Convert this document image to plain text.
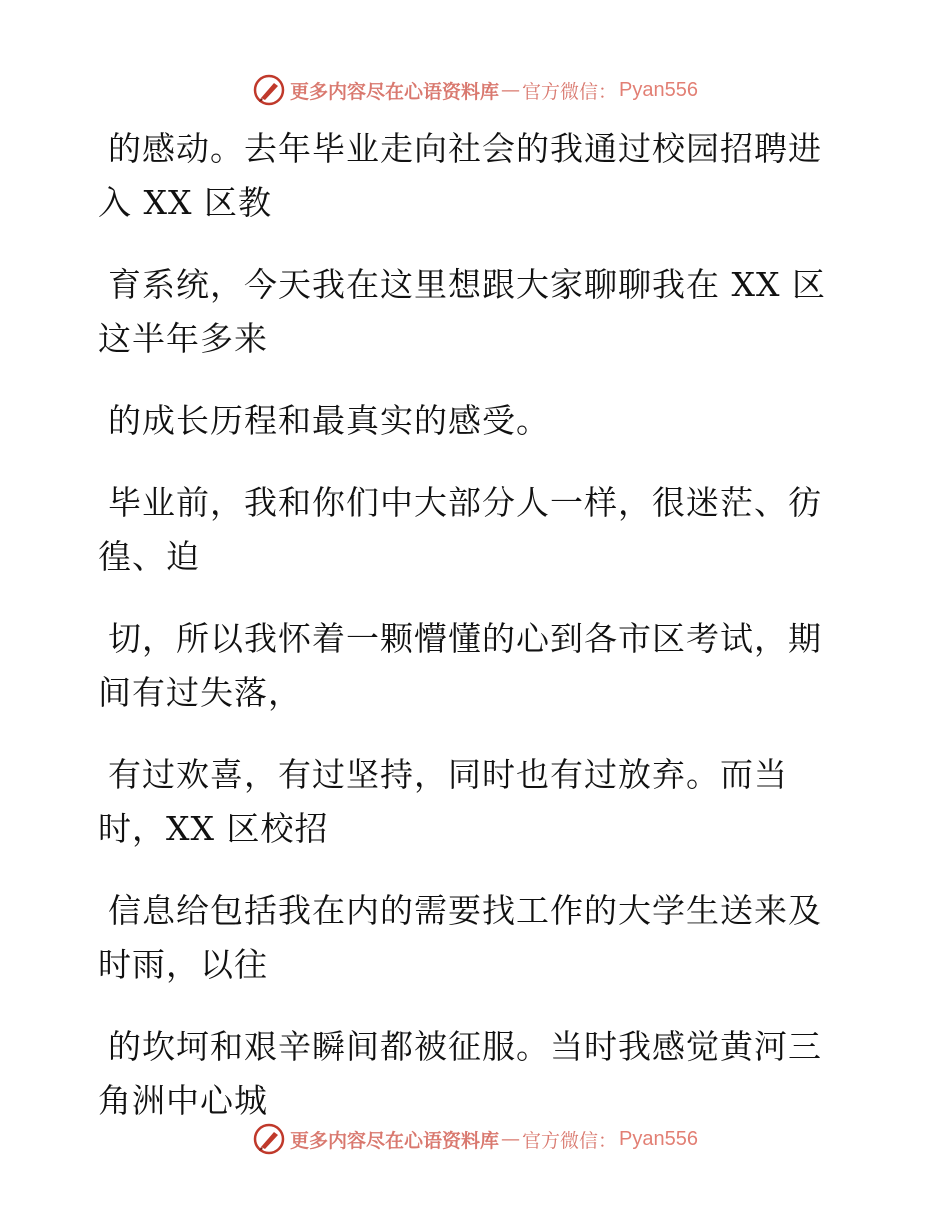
更多内容尽在心语资料库 — 官方微信： Pyan556

的感动。去年毕业走向社会的我通过校园招聘进
入 XX 区教

育系统，今天我在这里想跟大家聊聊我在 XX 区
这半年多来

的成长历程和最真实的感受。

毕业前，我和你们中大部分人一样，很迷茫、彷
徨、迫

切，所以我怀着一颗懵懂的心到各市区考试，期
间有过失落，

有过欢喜，有过坚持，同时也有过放弃。而当
时，XX 区校招

信息给包括我在内的需要找工作的大学生送来及
时雨，以往

的坎坷和艰辛瞬间都被征服。当时我感觉黄河三
角洲中心城

更多内容尽在心语资料库 — 官方微信： Pyan556
